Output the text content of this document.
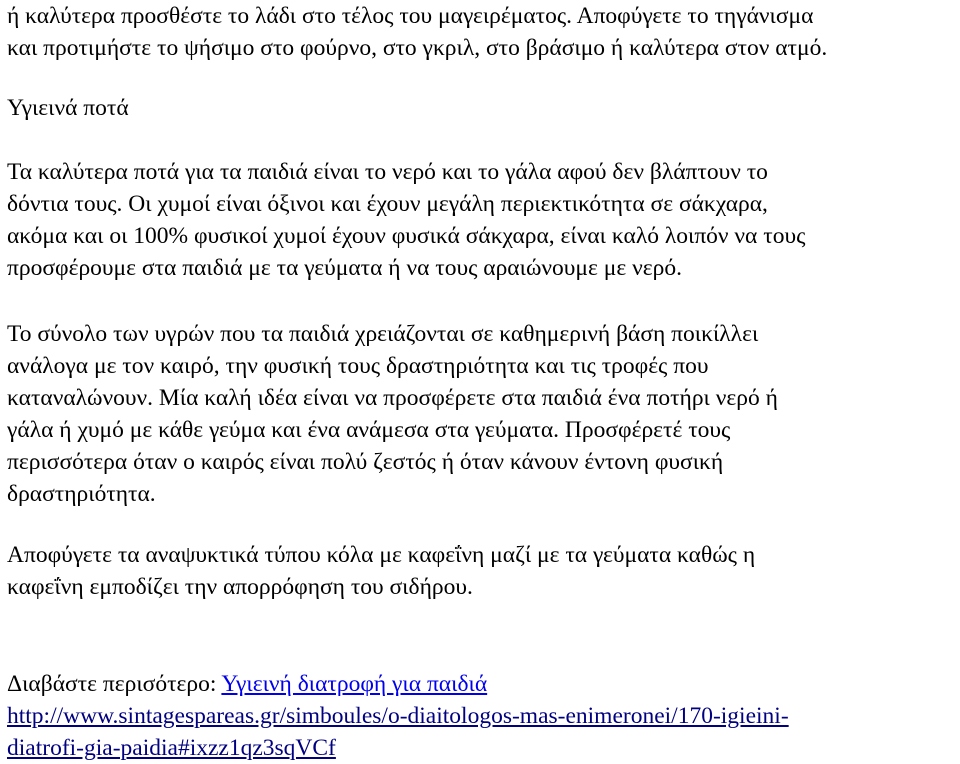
ή καλύτερα προσθέστε το λάδι στο τέλος του μαγειρέματος. Αποφύγετε το τηγάνισμα
και προτιμήστε το ψήσιμο στο φούρνο, στο γκριλ, στο βράσιμο ή καλύτερα στον ατμό.

Υγιεινά ποτά

Τα καλύτερα ποτά για τα παιδιά είναι το νερό και το γάλα αφού δεν βλάπτουν το
δόντια τους. Οι χυμοί είναι όξινοι και έχουν μεγάλη περιεκτικότητα σε σάκχαρα,
ακόμα και οι 100% φυσικοί χυμοί έχουν φυσικά σάκχαρα, είναι καλό λοιπόν να τους
προσφέρουμε στα παιδιά με τα γεύματα ή να τους αραιώνουμε με νερό.

Το σύνολο των υγρών που τα παιδιά χρειάζονται σε καθημερινή βάση ποικίλλει
ανάλογα με τον καιρό, την φυσική τους δραστηριότητα και τις τροφές που
καταναλώνουν. Μία καλή ιδέα είναι να προσφέρετε στα παιδιά ένα ποτήρι νερό ή
γάλα ή χυμό με κάθε γεύμα και ένα ανάμεσα στα γεύματα. Προσφέρετέ τους
περισσότερα όταν ο καιρός είναι πολύ ζεστός ή όταν κάνουν έντονη φυσική
δραστηριότητα.

Αποφύγετε τα αναψυκτικά τύπου κόλα με καφεΐνη μαζί με τα γεύματα καθώς η
καφεΐνη εμποδίζει την απορρόφηση του σιδήρου.

Διαβάστε περισότερο: Υγιεινή διατροφή για παιδιά
http://www.sintagespareas.gr/simboules/o-diaitologos-mas-enimeronei/170-igieini-
diatrofi-gia-paidia#ixzz1qz3sqVCf
